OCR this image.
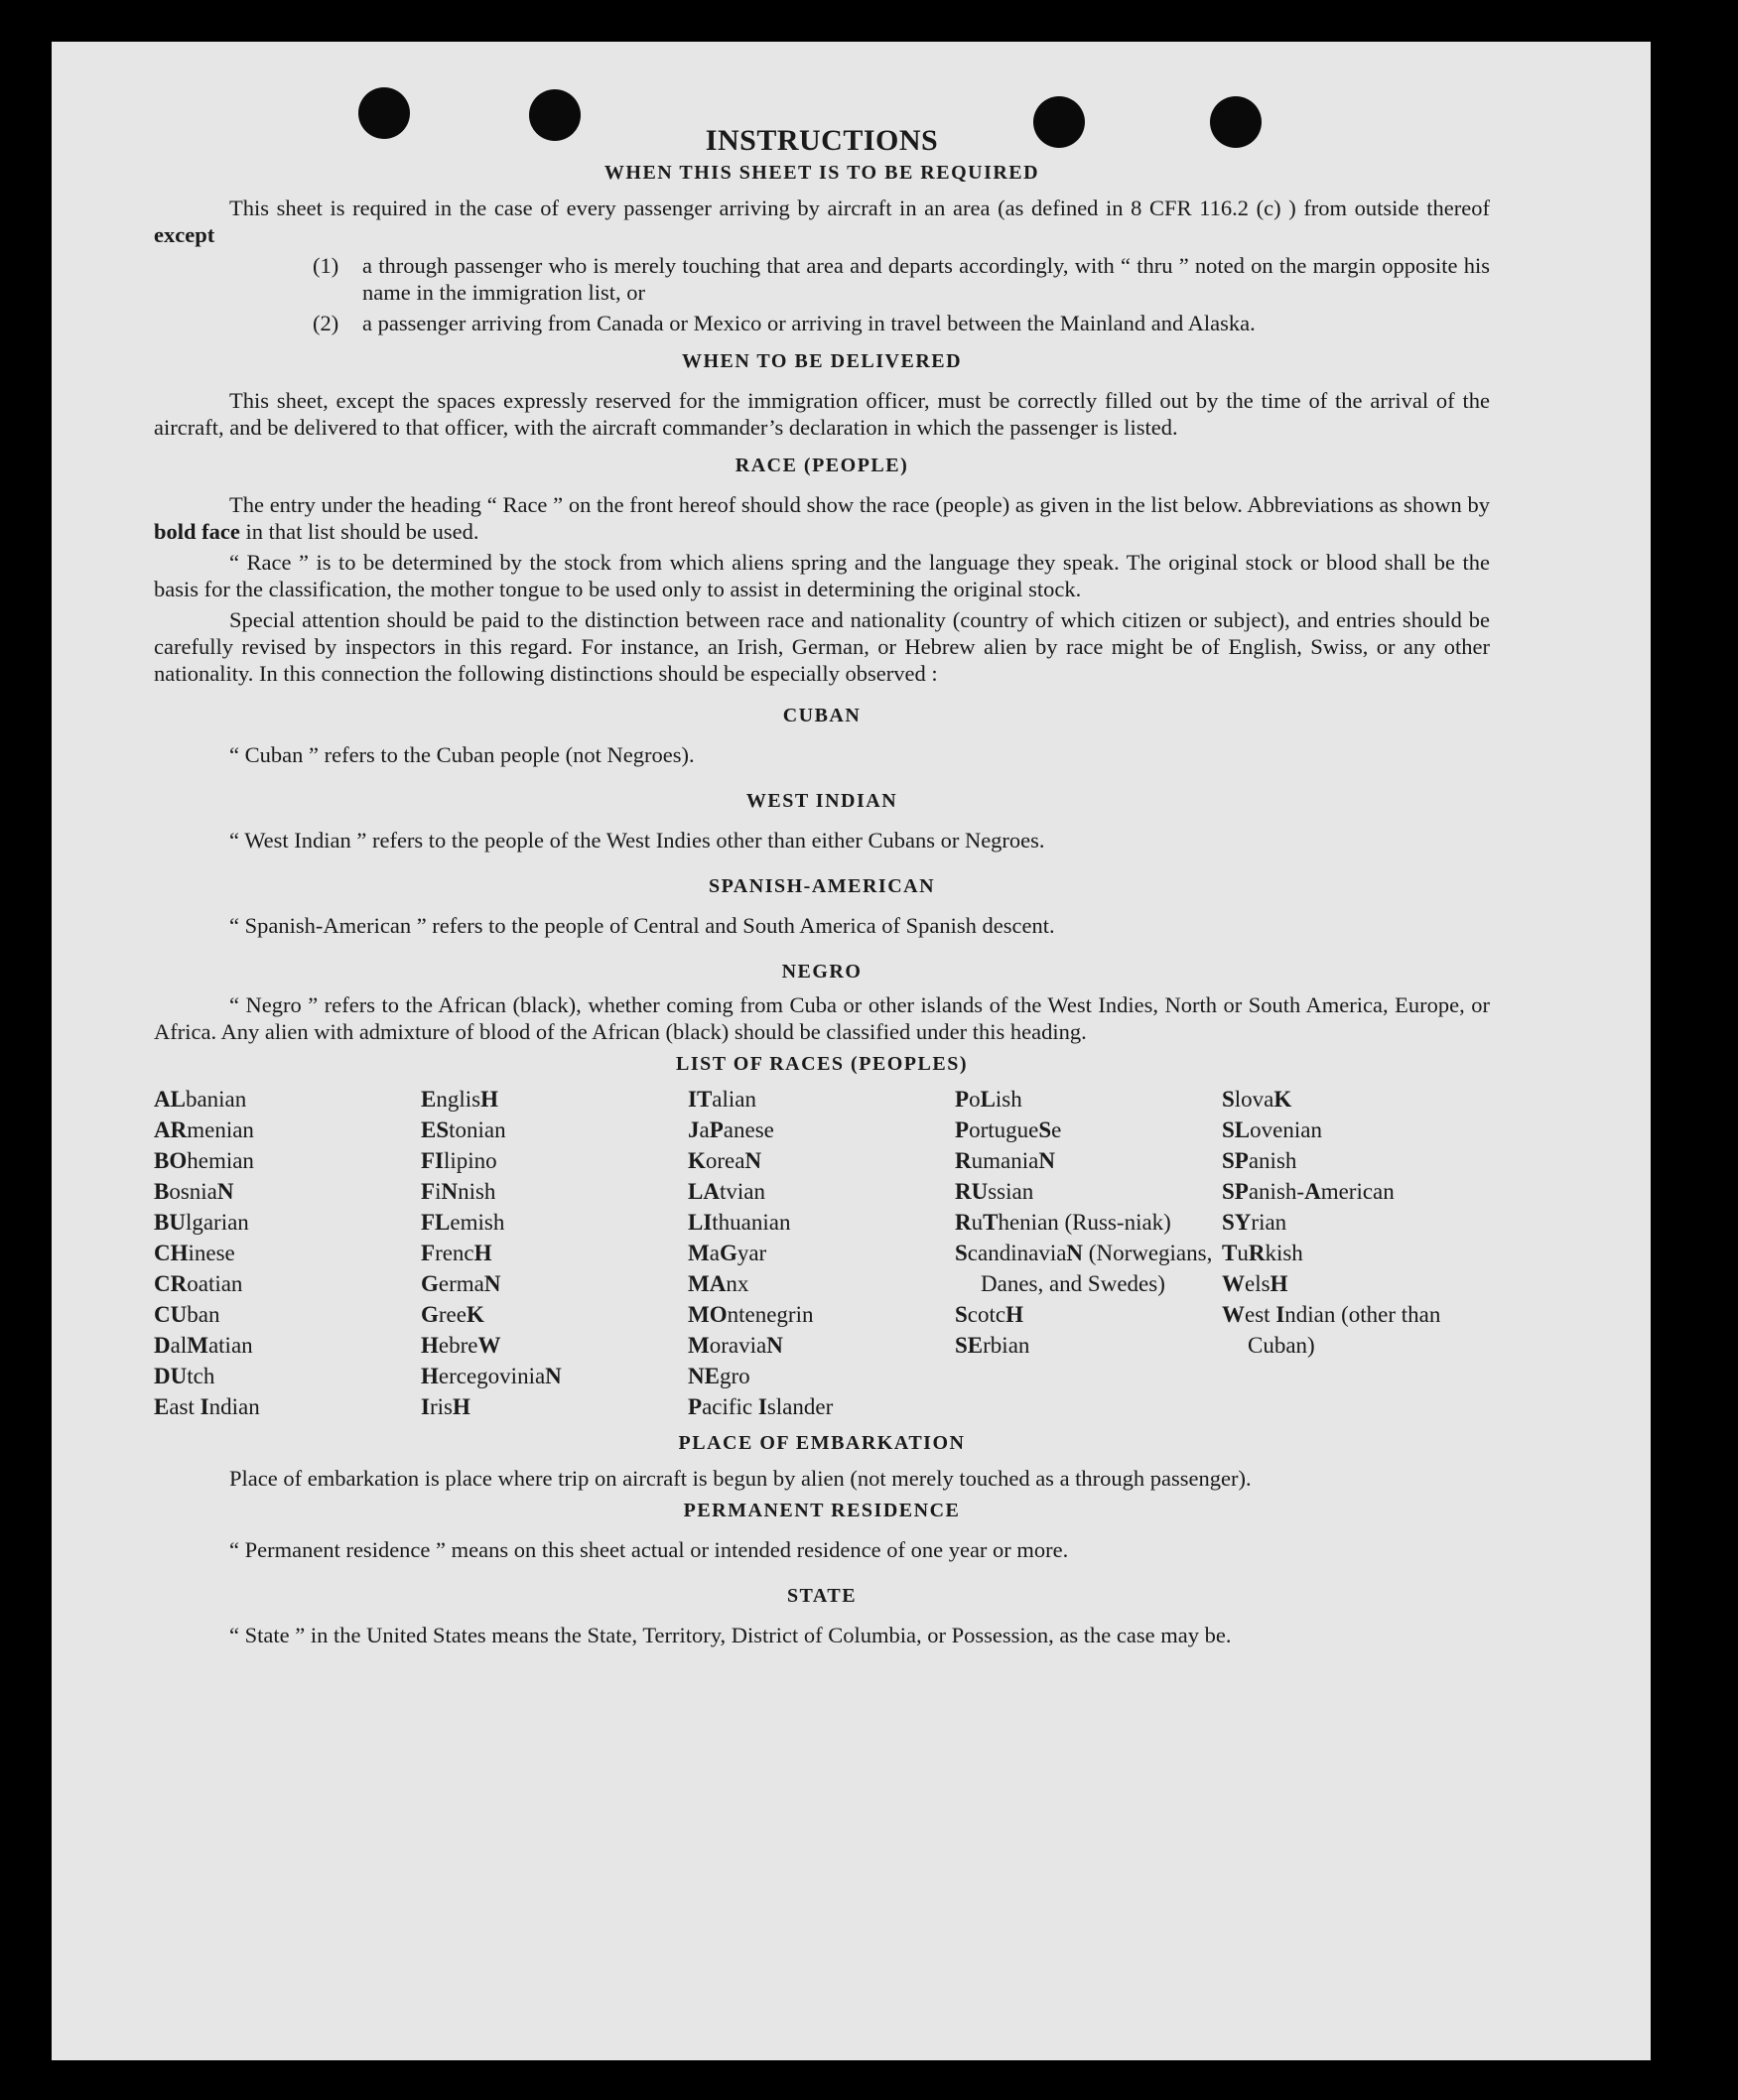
INSTRUCTIONS
WHEN THIS SHEET IS TO BE REQUIRED

This sheet is required in the case of every passenger arriving by aircraft in an area (as defined in 8 CFR 116.2 (c) ) from outside thereof except

(1)	a through passenger who is merely touching that area and departs accordingly, with “ thru ” noted on the margin opposite his name in the immigration list, or
(2)	a passenger arriving from Canada or Mexico or arriving in travel between the Mainland and Alaska.
WHEN TO BE DELIVERED

This sheet, except the spaces expressly reserved for the immigration officer, must be correctly filled out by the time of the arrival of the aircraft, and be delivered to that officer, with the aircraft commander’s declaration in which the passenger is listed.

RACE (PEOPLE)

The entry under the heading “ Race ” on the front hereof should show the race (people) as given in the list below. Abbreviations as shown by bold face in that list should be used.

“ Race ” is to be determined by the stock from which aliens spring and the language they speak. The original stock or blood shall be the basis for the classification, the mother tongue to be used only to assist in determining the original stock.

Special attention should be paid to the distinction between race and nationality (country of which citizen or subject), and entries should be carefully revised by inspectors in this regard. For instance, an Irish, German, or Hebrew alien by race might be of English, Swiss, or any other nationality. In this connection the following distinctions should be especially observed :

CUBAN

“ Cuban ” refers to the Cuban people (not Negroes).

WEST INDIAN

“ West Indian ” refers to the people of the West Indies other than either Cubans or Negroes.

SPANISH-AMERICAN

“ Spanish-American ” refers to the people of Central and South America of Spanish descent.

NEGRO

“ Negro ” refers to the African (black), whether coming from Cuba or other islands of the West Indies, North or South America, Europe, or Africa. Any alien with admixture of blood of the African (black) should be classified under this heading.

LIST OF RACES (PEOPLES)
ALbanian
ARmenian
BOhemian
BosniaN
BUlgarian
CHinese
CRoatian
CUban
DalMatian
DUtch
East Indian
EnglisH
EStonian
FIlipino
FiNnish
FLemish
FrencH
GermaN
GreeK
HebreW
HercegoviniaN
IrisH
ITalian
JaPanese
KoreaN
LAtvian
LIthuanian
MaGyar
MAnx
MOntenegrin
MoraviaN
NEgro
Pacific Islander
PoLish
PortugueSe
RumaniaN
RUssian
RuThenian (Russ-niak)
ScandinaviaN (Norwegians, Danes, and Swedes)
ScotcH
SErbian
SlovaK
SLovenian
SPanish
SPanish-American
SYrian
TuRkish
WelsH
West Indian (other than Cuban)
PLACE OF EMBARKATION

Place of embarkation is place where trip on aircraft is begun by alien (not merely touched as a through passenger).

PERMANENT RESIDENCE

“ Permanent residence ” means on this sheet actual or intended residence of one year or more.

STATE

“ State ” in the United States means the State, Territory, District of Columbia, or Possession, as the case may be.
